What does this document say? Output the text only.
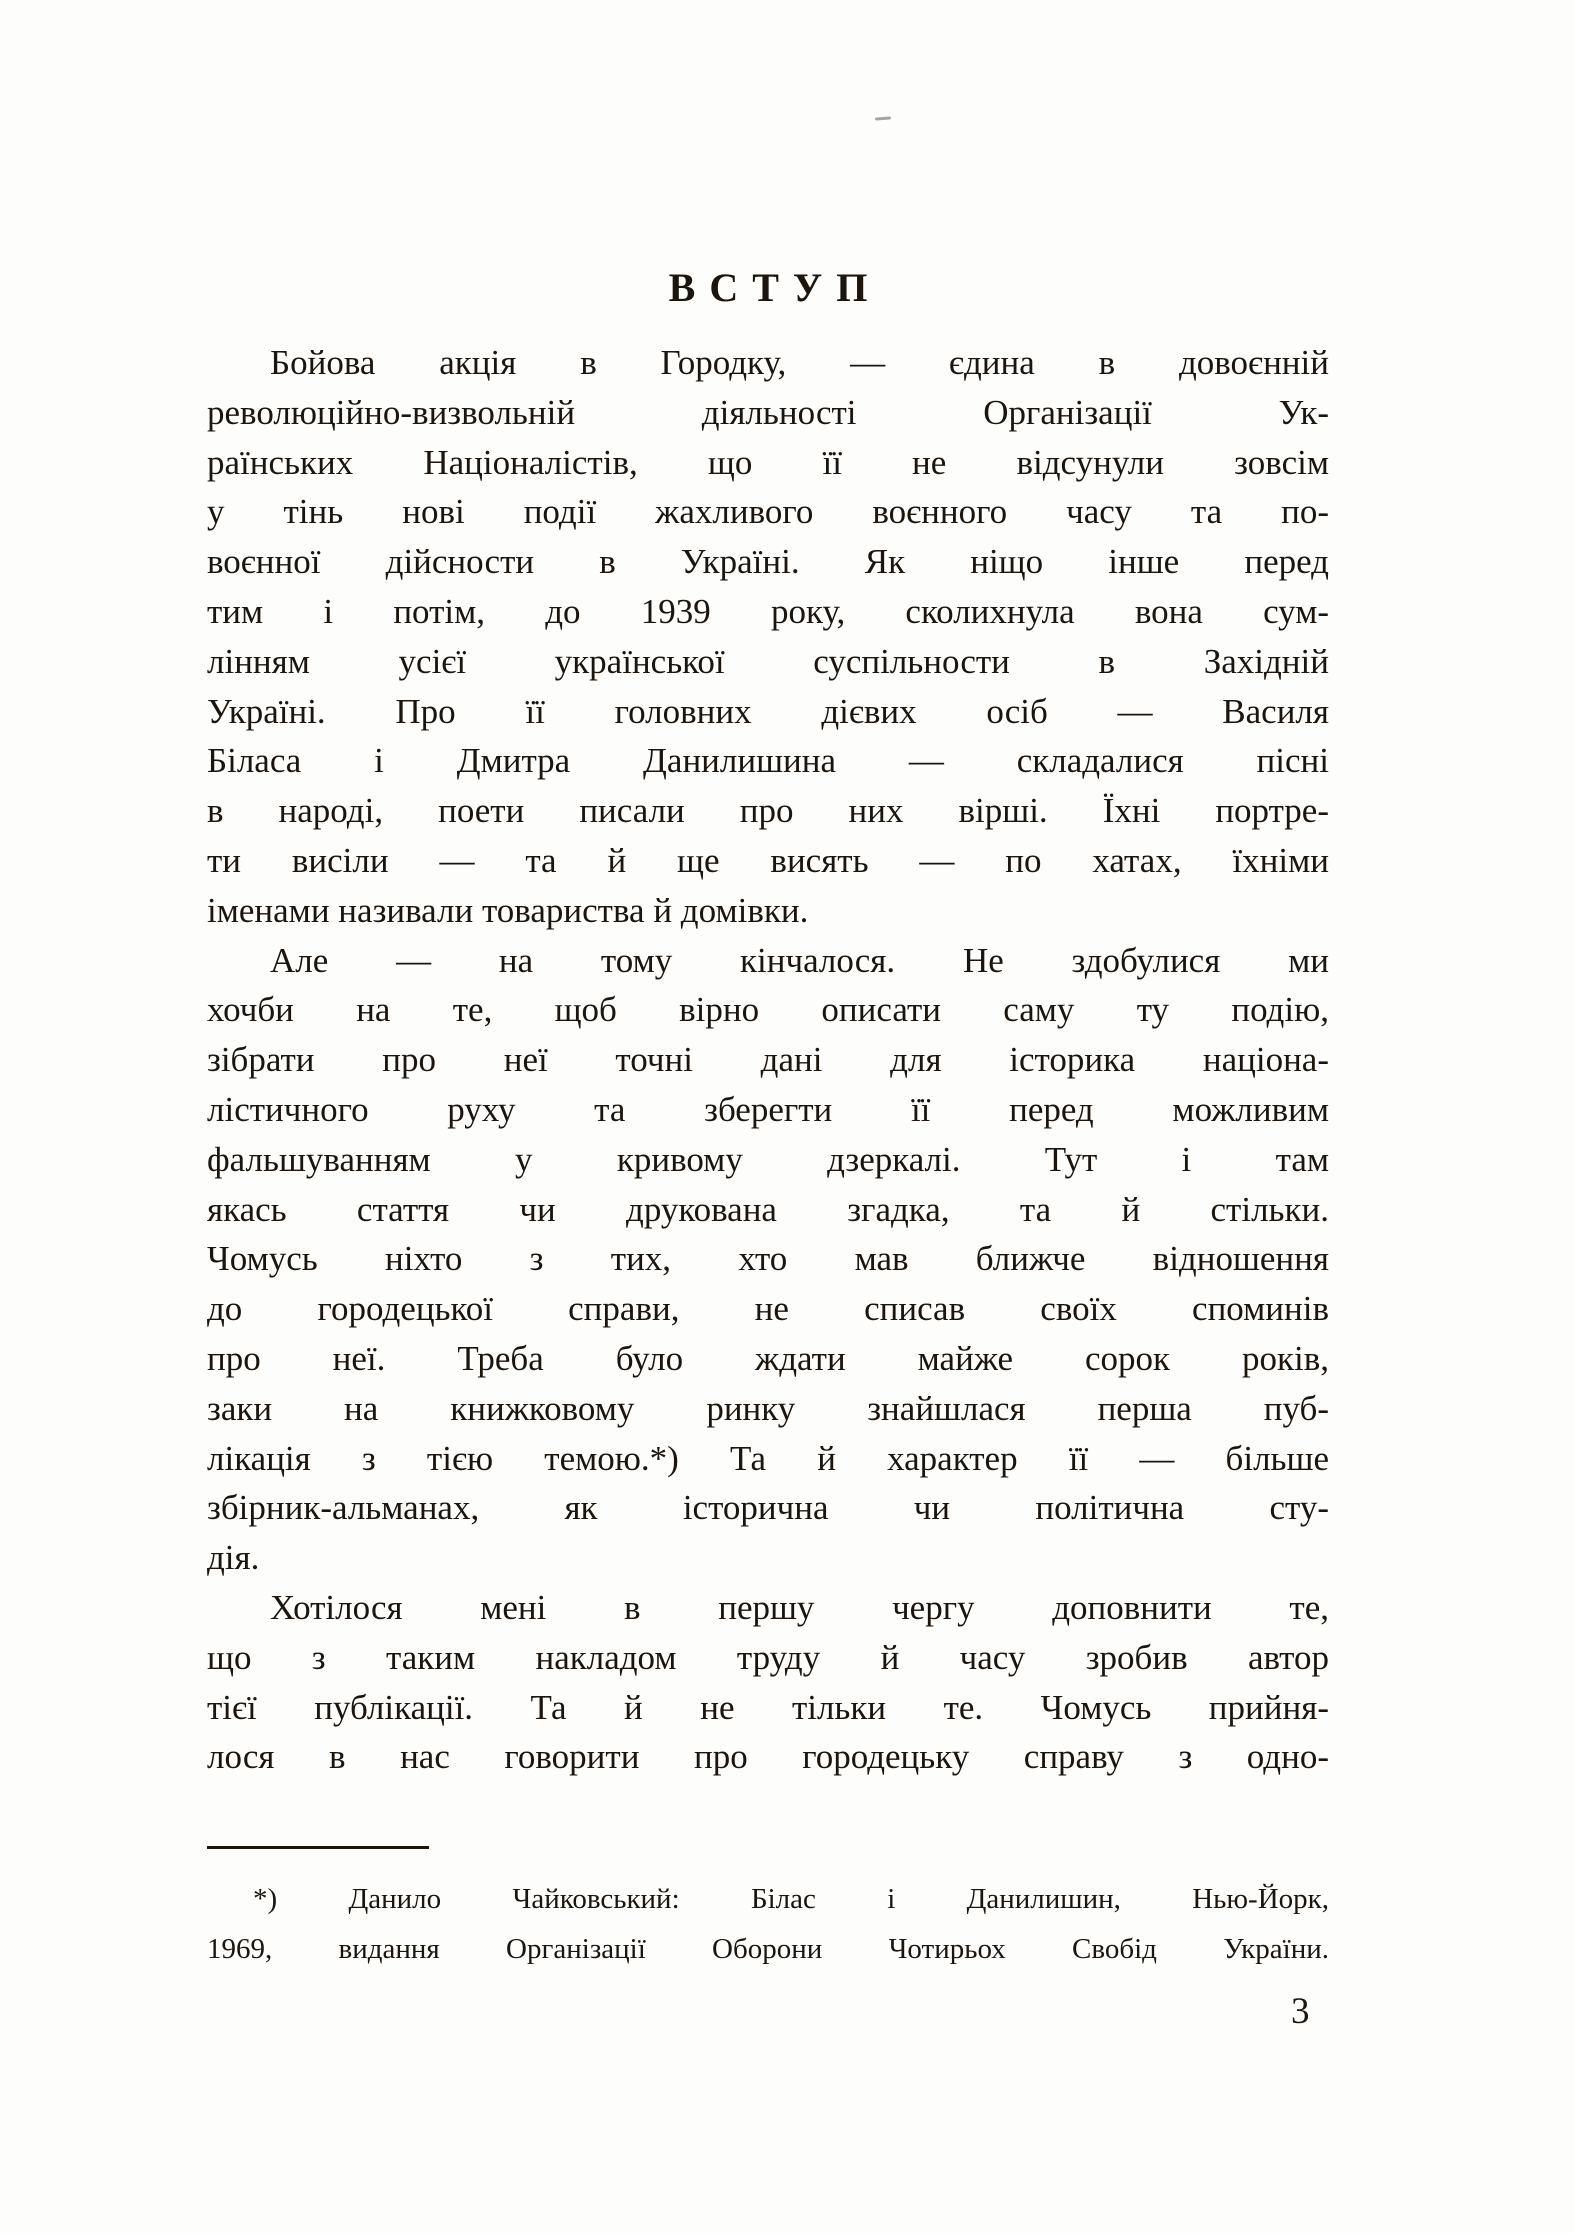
ВСТУП
Бойова акція в Городку, — єдина в довоєнній
революційно-визвольній діяльності Організації Ук-
раїнських Націоналістів, що її не відсунули зовсім
у тінь нові події жахливого воєнного часу та по-
воєнної дійсности в Україні. Як ніщо інше перед
тим і потім, до 1939 року, сколихнула вона сум-
лінням усієї української суспільности в Західній
Україні. Про її головних дієвих осіб — Василя
Біласа і Дмитра Данилишина — складалися пісні
в народі, поети писали про них вірші. Їхні портре-
ти висіли — та й ще висять — по хатах, їхніми
іменами називали товариства й домівки.
Але — на тому кінчалося. Не здобулися ми
хочби на те, щоб вірно описати саму ту подію,
зібрати про неї точні дані для історика націона-
лістичного руху та зберегти її перед можливим
фальшуванням у кривому дзеркалі. Тут і там
якась стаття чи друкована згадка, та й стільки.
Чомусь ніхто з тих, хто мав ближче відношення
до городецької справи, не списав своїх споминів
про неї. Треба було ждати майже сорок років,
заки на книжковому ринку знайшлася перша пуб-
лікація з тією темою.*) Та й характер її — більше
збірник-альманах, як історична чи політична сту-
дія.
Хотілося мені в першу чергу доповнити те,
що з таким накладом труду й часу зробив автор
тієї публікації. Та й не тільки те. Чомусь прийня-
лося в нас говорити про городецьку справу з одно-
*) Данило Чайковський: Білас і Данилишин, Нью-Йорк,
1969, видання Організації Оборони Чотирьох Свобід України.
3
